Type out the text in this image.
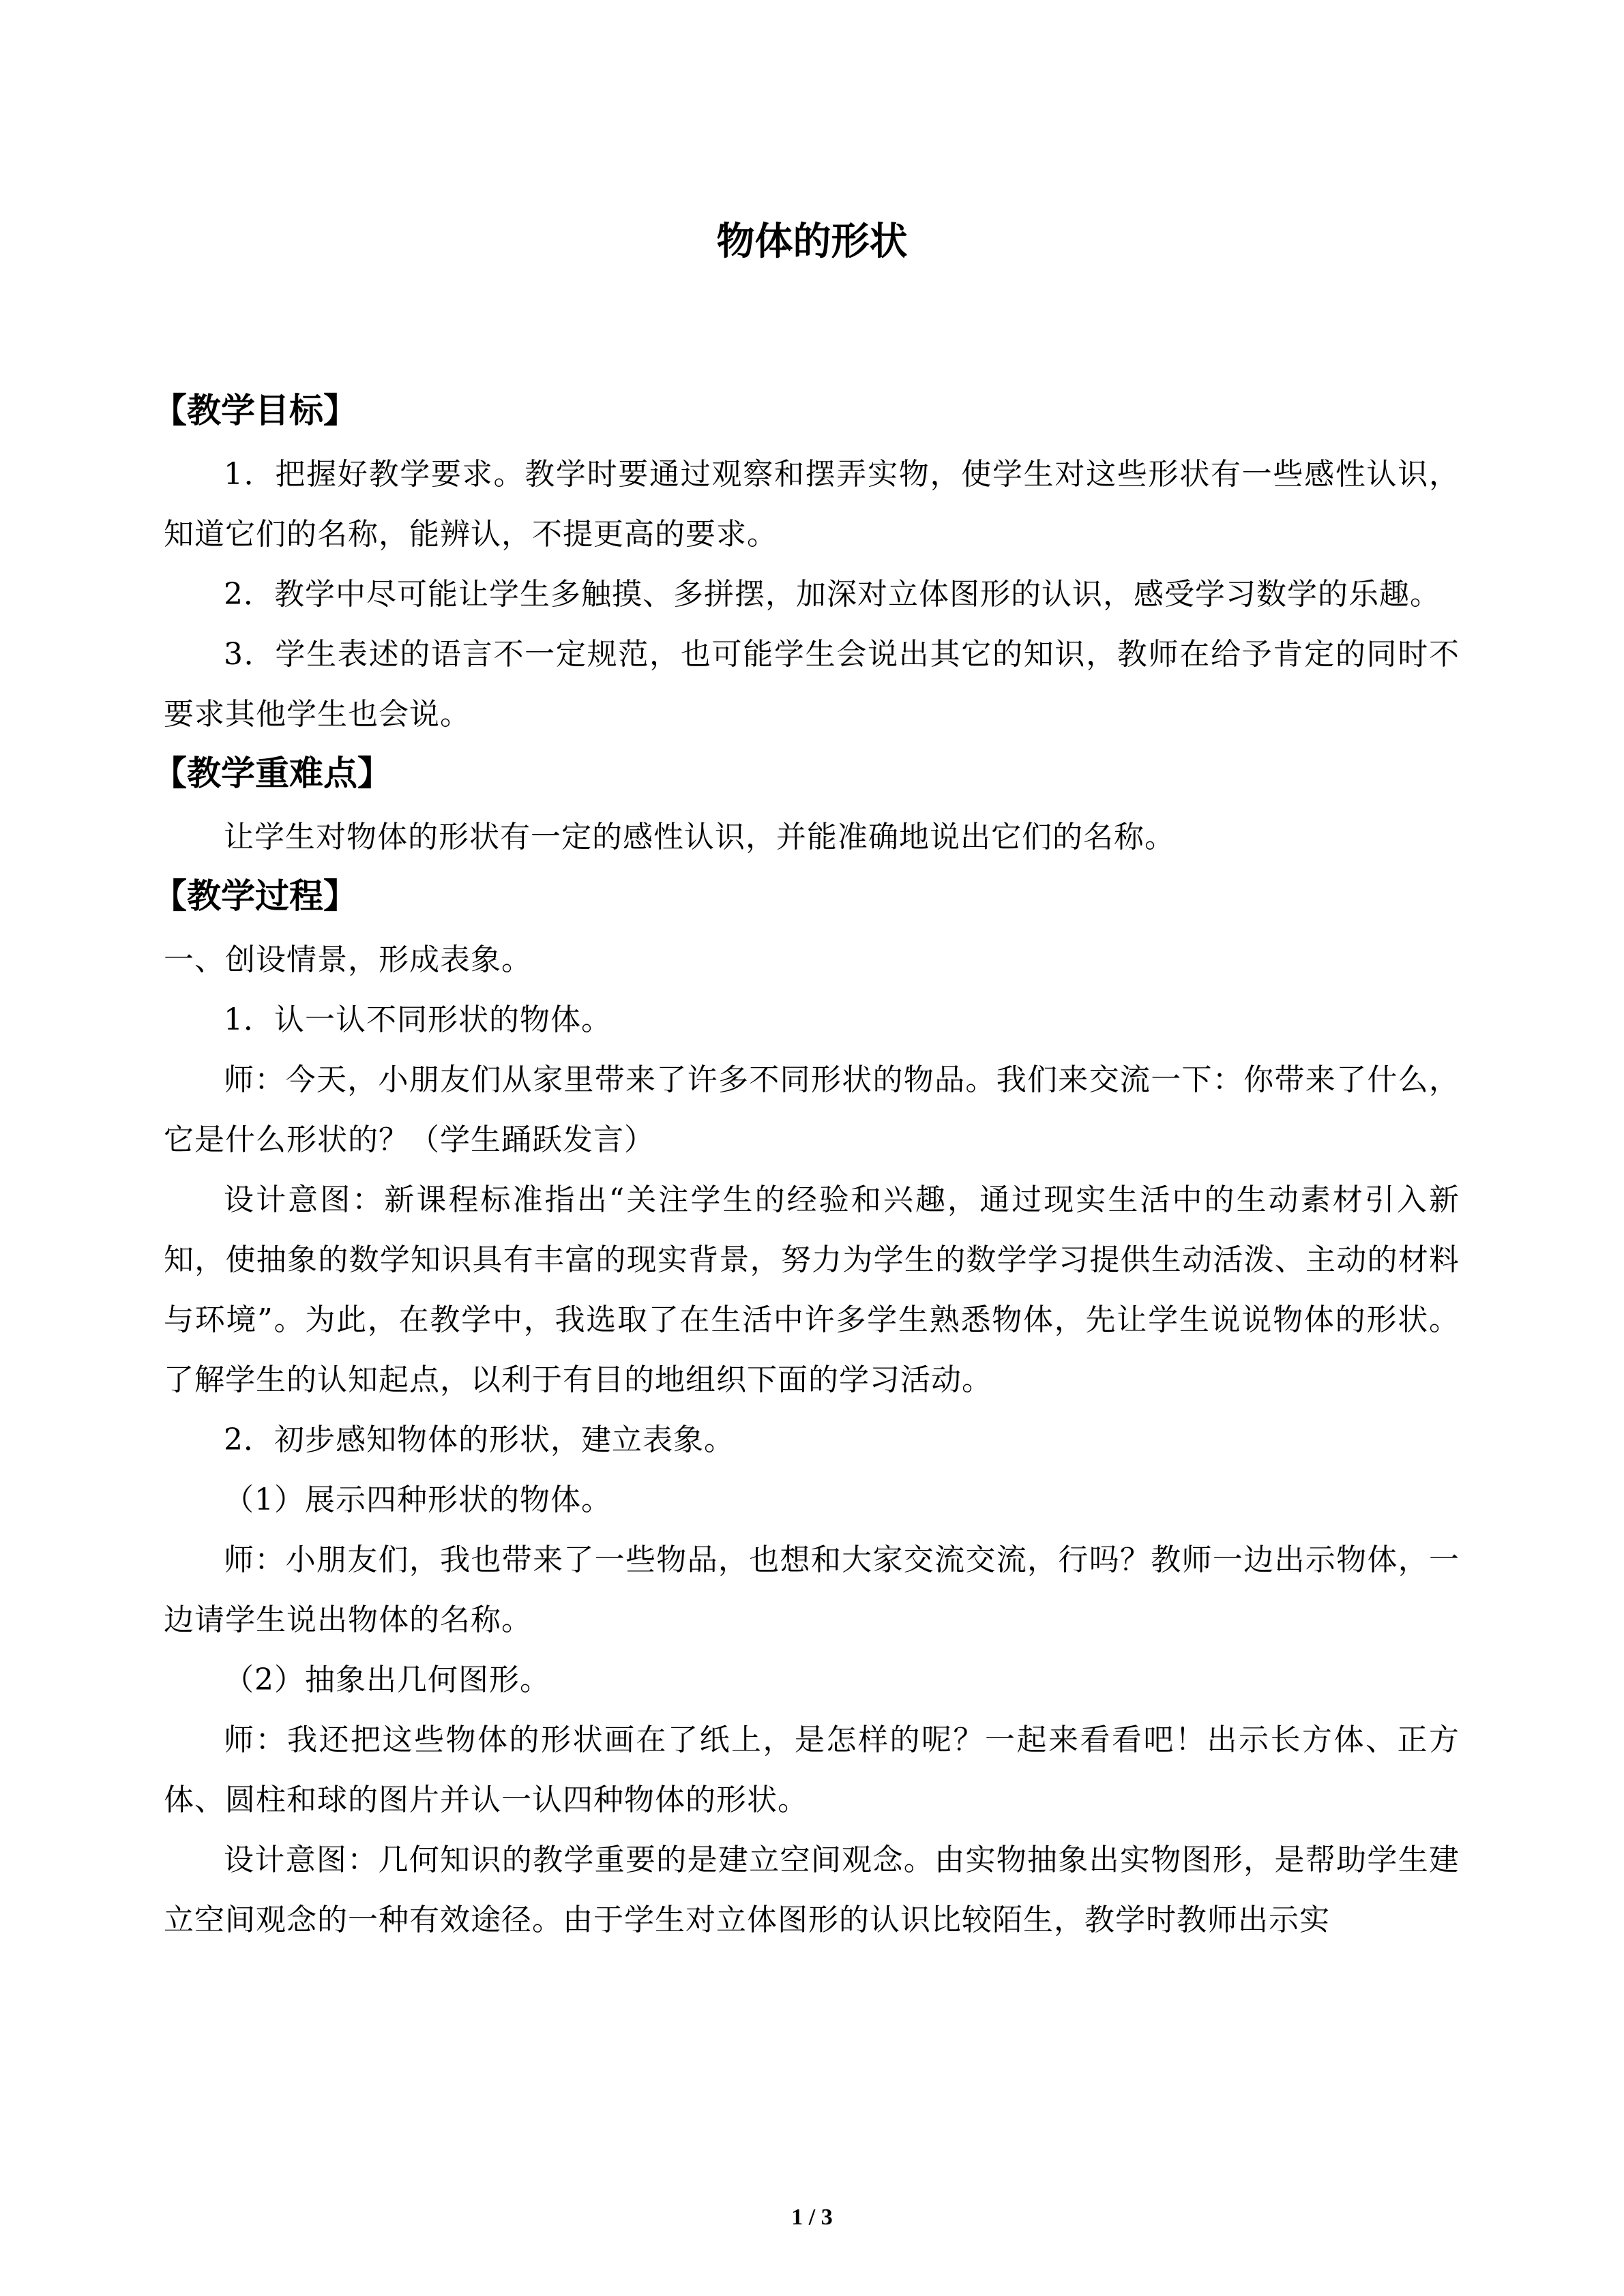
物体的形状

【教学目标】

1．把握好教学要求。教学时要通过观察和摆弄实物，使学生对这些形状有一些感性认识，知道它们的名称，能辨认，不提更高的要求。

2．教学中尽可能让学生多触摸、多拼摆，加深对立体图形的认识，感受学习数学的乐趣。

3．学生表述的语言不一定规范，也可能学生会说出其它的知识，教师在给予肯定的同时不要求其他学生也会说。

【教学重难点】

让学生对物体的形状有一定的感性认识，并能准确地说出它们的名称。

【教学过程】

一、创设情景，形成表象。

1．认一认不同形状的物体。

师：今天，小朋友们从家里带来了许多不同形状的物品。我们来交流一下：你带来了什么，它是什么形状的？（学生踊跃发言）

设计意图：新课程标准指出“关注学生的经验和兴趣，通过现实生活中的生动素材引入新知，使抽象的数学知识具有丰富的现实背景，努力为学生的数学学习提供生动活泼、主动的材料与环境”。为此，在教学中，我选取了在生活中许多学生熟悉物体，先让学生说说物体的形状。了解学生的认知起点，以利于有目的地组织下面的学习活动。

2．初步感知物体的形状，建立表象。

（1）展示四种形状的物体。

师：小朋友们，我也带来了一些物品，也想和大家交流交流，行吗？教师一边出示物体，一边请学生说出物体的名称。

（2）抽象出几何图形。

师：我还把这些物体的形状画在了纸上，是怎样的呢？一起来看看吧！出示长方体、正方体、圆柱和球的图片并认一认四种物体的形状。

设计意图：几何知识的教学重要的是建立空间观念。由实物抽象出实物图形，是帮助学生建立空间观念的一种有效途径。由于学生对立体图形的认识比较陌生，教学时教师出示实

1 / 3
